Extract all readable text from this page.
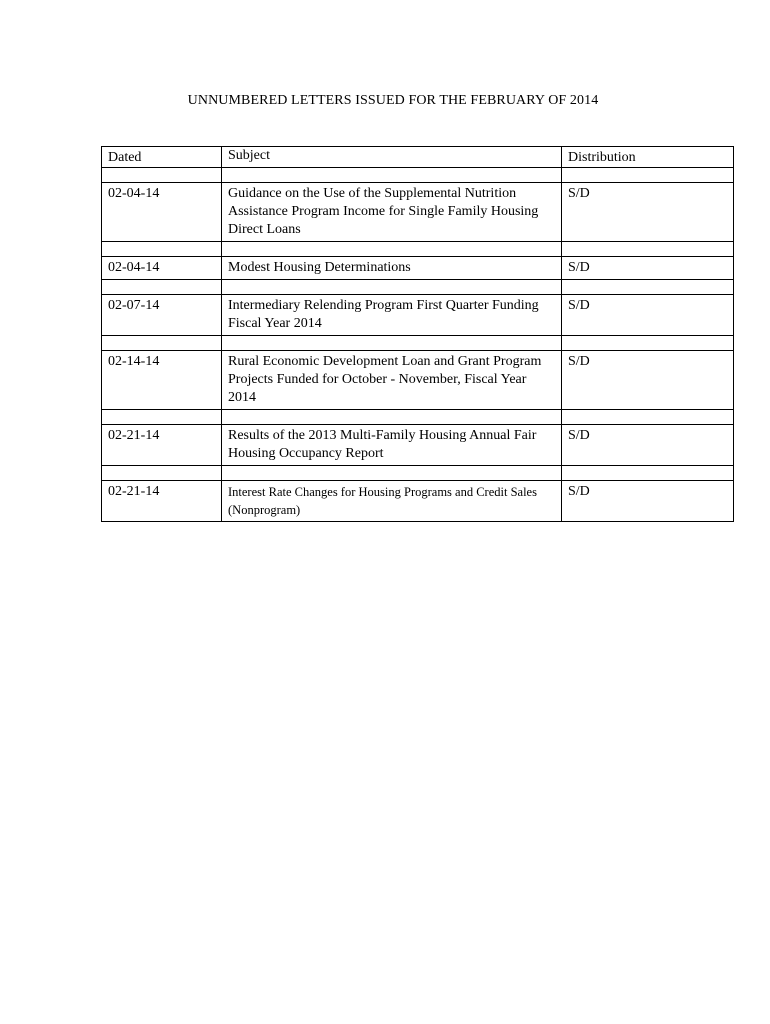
UNNUMBERED LETTERS ISSUED FOR THE FEBRUARY OF 2014
Dated	Subject	Distribution

02-04-14	Guidance on the Use of the Supplemental Nutrition Assistance Program Income for Single Family Housing Direct Loans	S/D

02-04-14	Modest Housing Determinations	S/D

02-07-14	Intermediary Relending Program First Quarter Funding Fiscal Year 2014	S/D

02-14-14	Rural Economic Development Loan and Grant Program Projects Funded for October - November, Fiscal Year 2014	S/D

02-21-14	Results of the 2013 Multi-Family Housing Annual Fair Housing Occupancy Report	S/D

02-21-14	Interest Rate Changes for Housing Programs and Credit Sales (Nonprogram)	S/D
